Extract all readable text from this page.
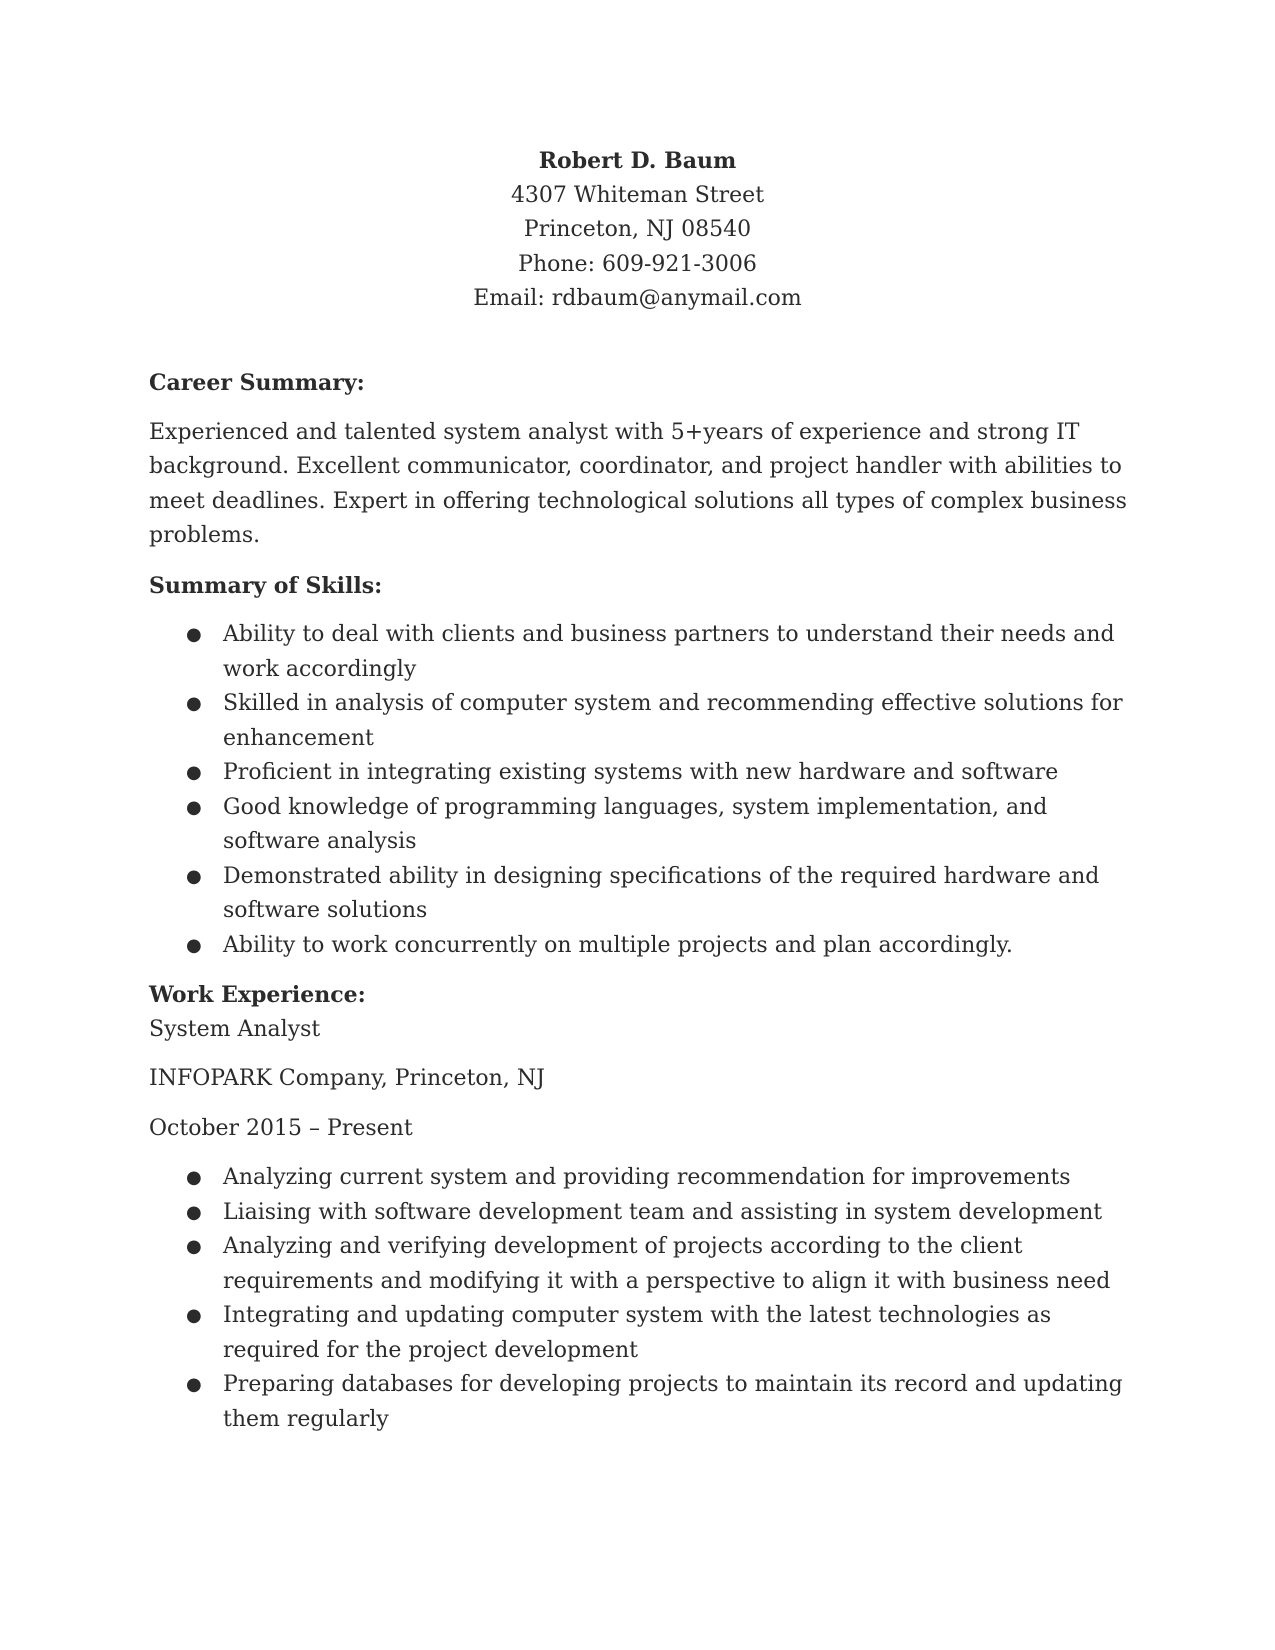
Robert D. Baum
4307 Whiteman Street
Princeton, NJ 08540
Phone: 609-921-3006
Email: rdbaum@anymail.com
Career Summary:
Experienced and talented system analyst with 5+years of experience and strong IT background. Excellent communicator, coordinator, and project handler with abilities to meet deadlines. Expert in offering technological solutions all types of complex business problems.
Summary of Skills:
● Ability to deal with clients and business partners to understand their needs and work accordingly
● Skilled in analysis of computer system and recommending effective solutions for enhancement
● Proficient in integrating existing systems with new hardware and software
● Good knowledge of programming languages, system implementation, and software analysis
● Demonstrated ability in designing specifications of the required hardware and software solutions
● Ability to work concurrently on multiple projects and plan accordingly.
Work Experience:
System Analyst
INFOPARK Company, Princeton, NJ
October 2015 – Present
● Analyzing current system and providing recommendation for improvements
● Liaising with software development team and assisting in system development
● Analyzing and verifying development of projects according to the client requirements and modifying it with a perspective to align it with business need
● Integrating and updating computer system with the latest technologies as required for the project development
● Preparing databases for developing projects to maintain its record and updating them regularly
